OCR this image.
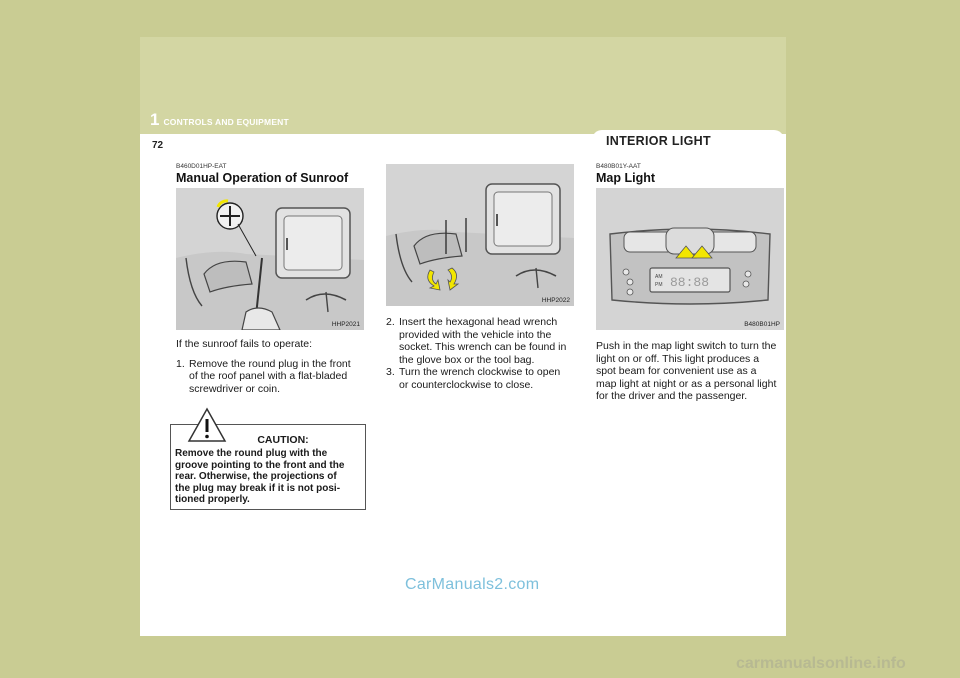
1 CONTROLS AND EQUIPMENT
72	INTERIOR LIGHT
B460D01HP-EAT
Manual Operation of Sunroof
HHP2021
If the sunroof fails to operate:
1. Remove the round plug in the front
of the roof panel with a flat-bladed
screwdriver or coin.
CAUTION:
Remove the round plug with the
groove pointing to the front and the
rear. Otherwise, the projections of
the plug may break if it is not posi-
tioned properly.
HHP2022
2. Insert the hexagonal head wrench
provided with the vehicle into the
socket. This wrench can be found in
the glove box or the tool bag.
3. Turn the wrench clockwise to open
or counterclockwise to close.
B480B01Y-AAT
Map Light
AM
PM 88:88
B480B01HP
Push in the map light switch to turn the
light on or off. This light produces a
spot beam for convenient use as a
map light at night or as a personal light
for the driver and the passenger.
CarManuals2.com
carmanualsonline.info
